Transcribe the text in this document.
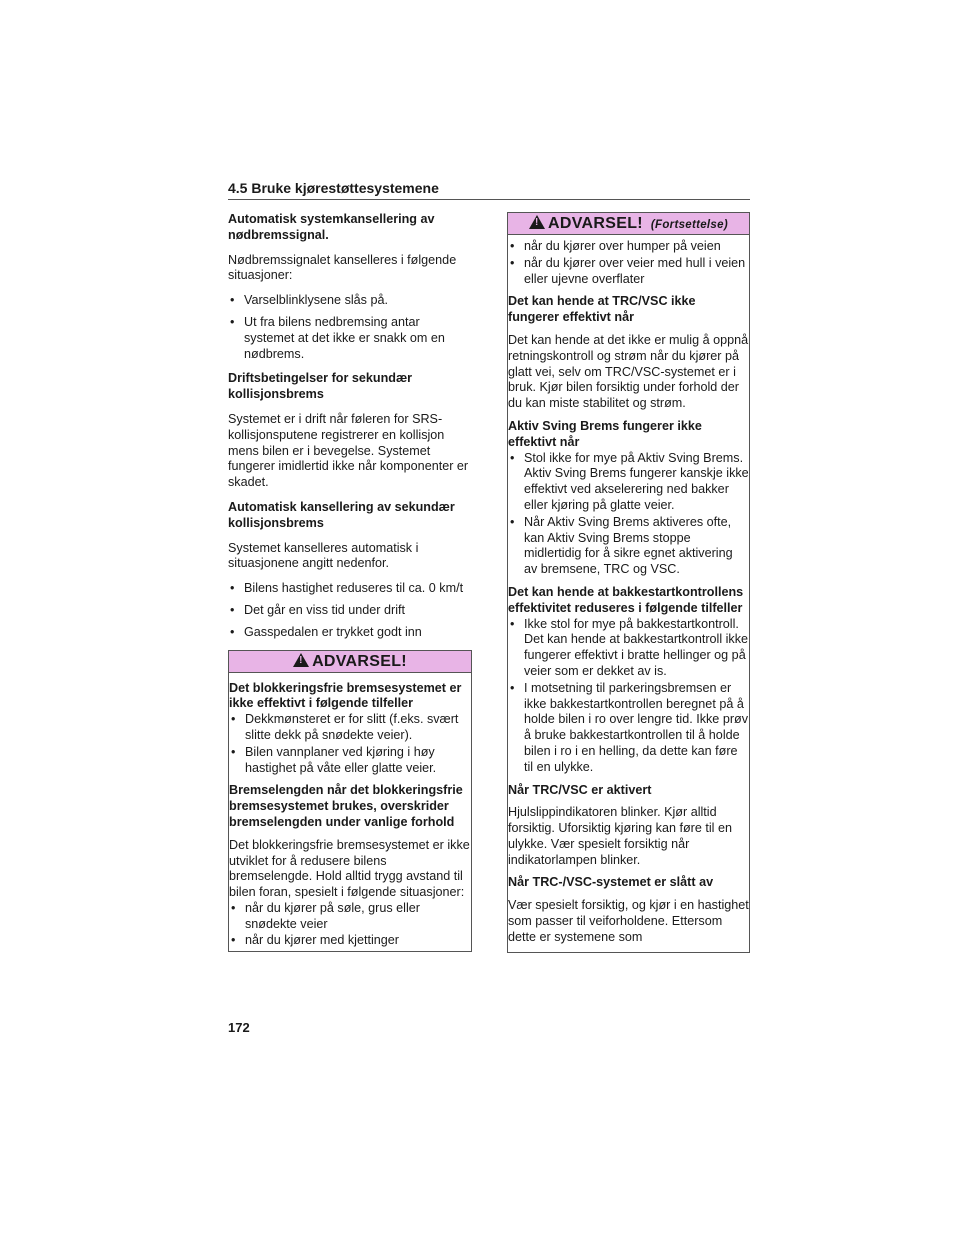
4.5 Bruke kjørestøttesystemene

Automatisk systemkansellering av nødbremssignal.

Nødbremssignalet kanselleres i følgende situasjoner:

• Varselblinklysene slås på.
• Ut fra bilens nedbremsing antar systemet at det ikke er snakk om en nødbrems.

Driftsbetingelser for sekundær kollisjonsbrems

Systemet er i drift når føleren for SRS-kollisjonsputene registrerer en kollisjon mens bilen er i bevegelse. Systemet fungerer imidlertid ikke når komponenter er skadet.

Automatisk kansellering av sekundær kollisjonsbrems

Systemet kanselleres automatisk i situasjonene angitt nedenfor.

• Bilens hastighet reduseres til ca. 0 km/t
• Det går en viss tid under drift
• Gasspedalen er trykket godt inn
!ADVARSEL!

Det blokkeringsfrie bremsesystemet er ikke effektivt i følgende tilfeller

• Dekkmønsteret er for slitt (f.eks. svært slitte dekk på snødekte veier).
• Bilen vannplaner ved kjøring i høy hastighet på våte eller glatte veier.

Bremselengden når det blokkeringsfrie bremsesystemet brukes, overskrider bremselengden under vanlige forhold

Det blokkeringsfrie bremsesystemet er ikke utviklet for å redusere bilens bremselengde. Hold alltid trygg avstand til bilen foran, spesielt i følgende situasjoner:

• når du kjører på søle, grus eller snødekte veier
• når du kjører med kjettinger
!ADVARSEL! (Fortsettelse)
• når du kjører over humper på veien
• når du kjører over veier med hull i veien eller ujevne overflater

Det kan hende at TRC/VSC ikke fungerer effektivt når

Det kan hende at det ikke er mulig å oppnå retningskontroll og strøm når du kjører på glatt vei, selv om TRC/VSC-systemet er i bruk. Kjør bilen forsiktig under forhold der du kan miste stabilitet og strøm.

Aktiv Sving Brems fungerer ikke effektivt når

• Stol ikke for mye på Aktiv Sving Brems. Aktiv Sving Brems fungerer kanskje ikke effektivt ved akselerering ned bakker eller kjøring på glatte veier.
• Når Aktiv Sving Brems aktiveres ofte, kan Aktiv Sving Brems stoppe midlertidig for å sikre egnet aktivering av bremsene, TRC og VSC.

Det kan hende at bakkestartkontrollens effektivitet reduseres i følgende tilfeller

• Ikke stol for mye på bakkestartkontroll. Det kan hende at bakkestartkontroll ikke fungerer effektivt i bratte hellinger og på veier som er dekket av is.
• I motsetning til parkeringsbremsen er ikke bakkestartkontrollen beregnet på å holde bilen i ro over lengre tid. Ikke prøv å bruke bakkestartkontrollen til å holde bilen i ro i en helling, da dette kan føre til en ulykke.

Når TRC/VSC er aktivert

Hjulslippindikatoren blinker. Kjør alltid forsiktig. Uforsiktig kjøring kan føre til en ulykke. Vær spesielt forsiktig når indikatorlampen blinker.

Når TRC-/VSC-systemet er slått av

Vær spesielt forsiktig, og kjør i en hastighet som passer til veiforholdene. Ettersom dette er systemene som

172
